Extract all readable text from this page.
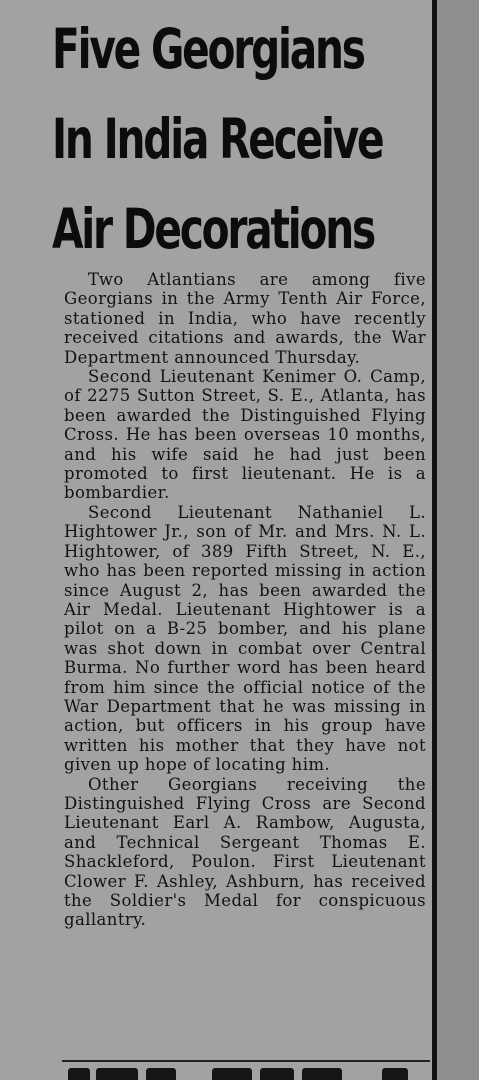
Five Georgians
In India Receive
Air Decorations

Two Atlantians are among five Georgians in the Army Tenth Air Force, stationed in India, who have recently received citations and awards, the War Department announced Thursday.

Second Lieutenant Kenimer O. Camp, of 2275 Sutton Street, S. E., Atlanta, has been awarded the Distinguished Flying Cross. He has been overseas 10 months, and his wife said he had just been promoted to first lieutenant. He is a bombardier.

Second Lieutenant Nathaniel L. Hightower Jr., son of Mr. and Mrs. N. L. Hightower, of 389 Fifth Street, N. E., who has been reported missing in action since August 2, has been awarded the Air Medal. Lieutenant Hightower is a pilot on a B-25 bomber, and his plane was shot down in combat over Central Burma. No further word has been heard from him since the official notice of the War Department that he was missing in action, but officers in his group have written his mother that they have not given up hope of locating him.

Other Georgians receiving the Distinguished Flying Cross are Second Lieutenant Earl A. Rambow, Augusta, and Technical Sergeant Thomas E. Shackleford, Poulon. First Lieutenant Clower F. Ashley, Ashburn, has received the Soldier's Medal for conspicuous gallantry.
